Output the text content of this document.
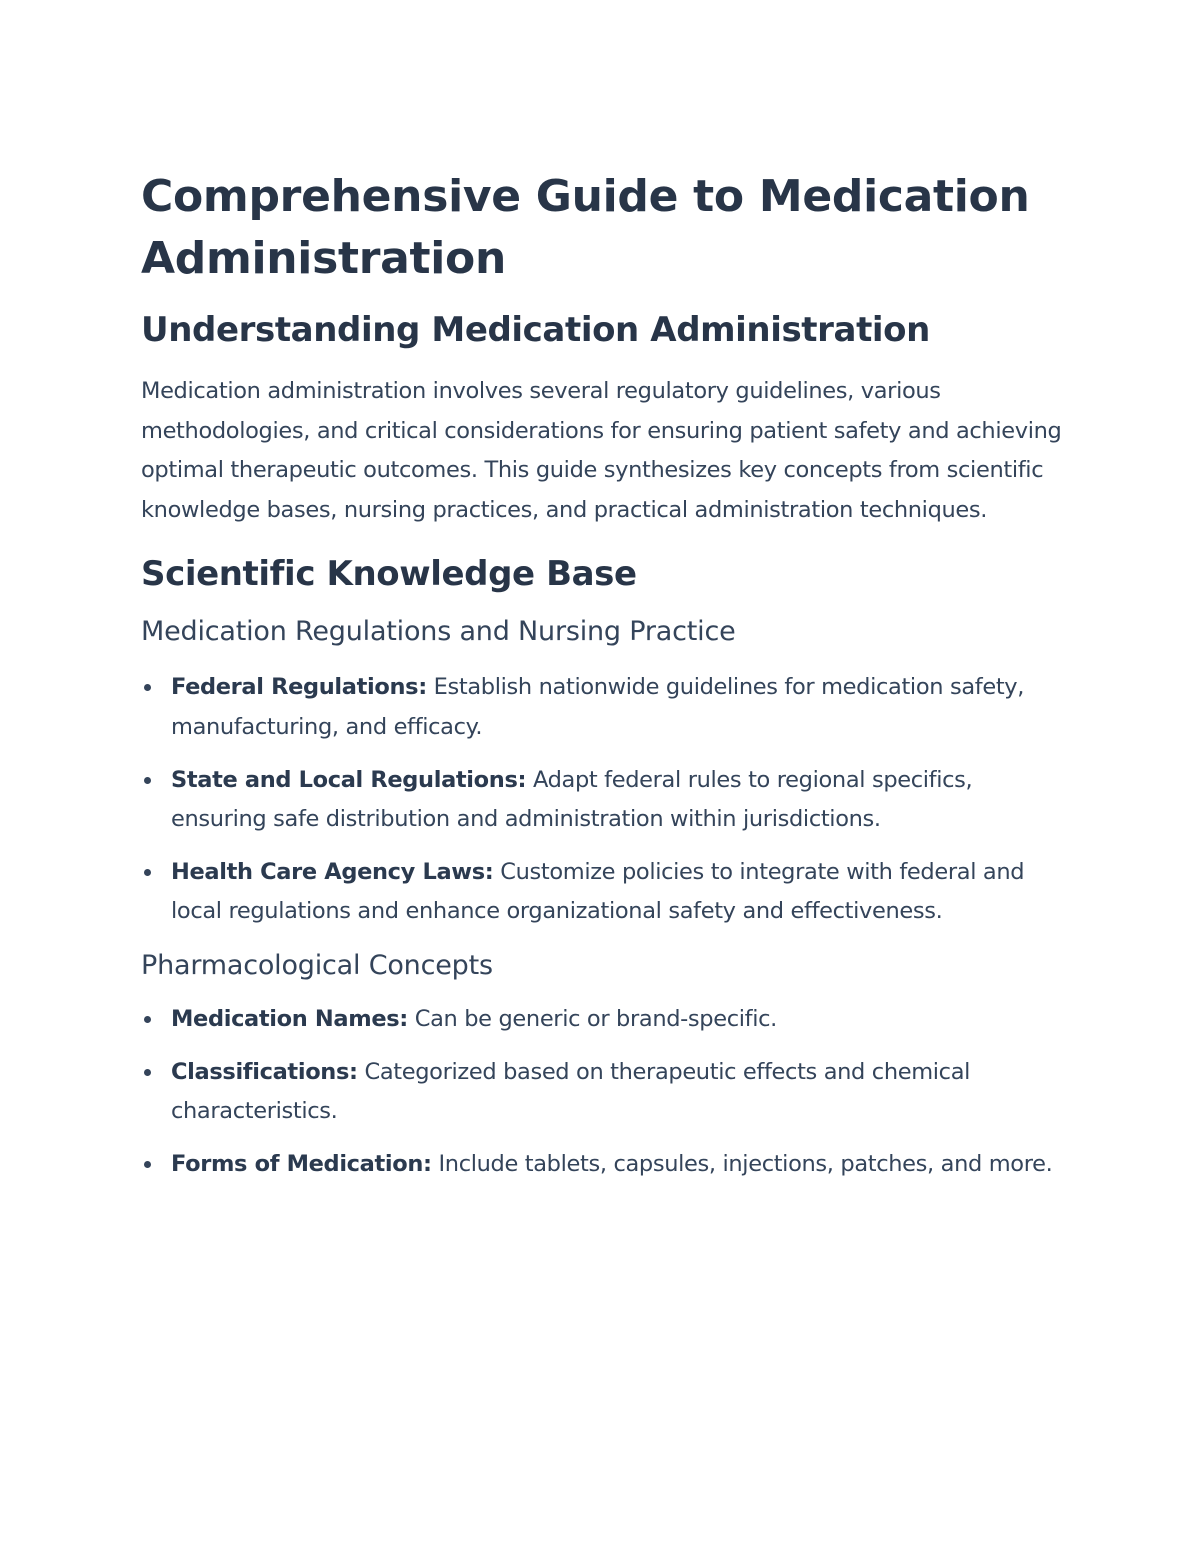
Comprehensive Guide to Medication Administration
Understanding Medication Administration

Medication administration involves several regulatory guidelines, various methodologies, and critical considerations for ensuring patient safety and achieving optimal therapeutic outcomes. This guide synthesizes key concepts from scientific knowledge bases, nursing practices, and practical administration techniques.

Scientific Knowledge Base
Medication Regulations and Nursing Practice
Federal Regulations: Establish nationwide guidelines for medication safety, manufacturing, and efficacy.
State and Local Regulations: Adapt federal rules to regional specifics, ensuring safe distribution and administration within jurisdictions.
Health Care Agency Laws: Customize policies to integrate with federal and local regulations and enhance organizational safety and effectiveness.
Pharmacological Concepts
Medication Names: Can be generic or brand-specific.
Classifications: Categorized based on therapeutic effects and chemical characteristics.
Forms of Medication: Include tablets, capsules, injections, patches, and more.
